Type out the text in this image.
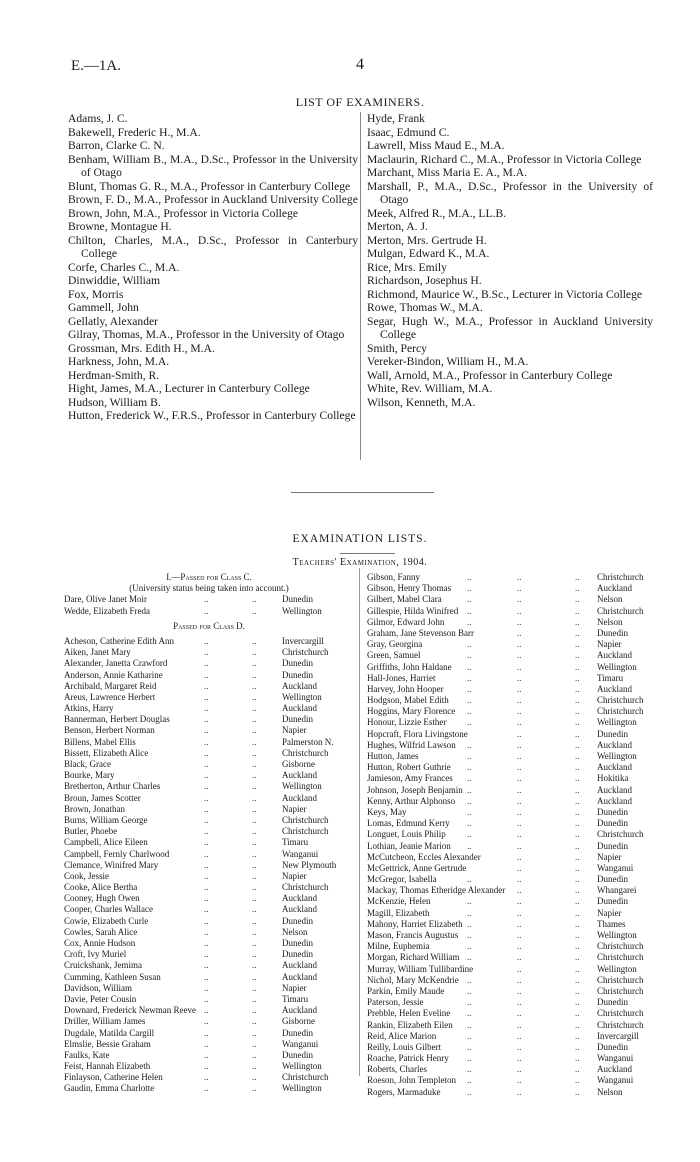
E.—1A.	4
LIST OF EXAMINERS.
Adams, J. C.
Bakewell, Frederic H., M.A.
Barron, Clarke C. N.
Benham, William B., M.A., D.Sc., Professor in the University of Otago
Blunt, Thomas G. R., M.A., Professor in Canterbury College
Brown, F. D., M.A., Professor in Auckland University College
Brown, John, M.A., Professor in Victoria College
Browne, Montague H.
Chilton, Charles, M.A., D.Sc., Professor in Canterbury College
Corfe, Charles C., M.A.
Dinwiddie, William
Fox, Morris
Gammell, John
Gellatly, Alexander
Gilray, Thomas, M.A., Professor in the University of Otago
Grossman, Mrs. Edith H., M.A.
Harkness, John, M.A.
Herdman-Smith, R.
Hight, James, M.A., Lecturer in Canterbury College
Hudson, William B.
Hutton, Frederick W., F.R.S., Professor in Canterbury College
Hyde, Frank
Isaac, Edmund C.
Lawrell, Miss Maud E., M.A.
Maclaurin, Richard C., M.A., Professor in Victoria College
Marchant, Miss Maria E. A., M.A.
Marshall, P., M.A., D.Sc., Professor in the University of Otago
Meek, Alfred R., M.A., LL.B.
Merton, A. J.
Merton, Mrs. Gertrude H.
Mulgan, Edward K., M.A.
Rice, Mrs. Emily
Richardson, Josephus H.
Richmond, Maurice W., B.Sc., Lecturer in Victoria College
Rowe, Thomas W., M.A.
Segar, Hugh W., M.A., Professor in Auckland University College
Smith, Percy
Vereker-Bindon, William H., M.A.
Wall, Arnold, M.A., Professor in Canterbury College
White, Rev. William, M.A.
Wilson, Kenneth, M.A.
EXAMINATION LISTS.
Teachers' Examination, 1904.
I.—Passed for Class C.
(University status being taken into account.)
Dare, Olive Janet Moir	..	..	Dunedin
Wedde, Elizabeth Freda	..	..	Wellington
Passed for Class D.
Acheson, Catherine Edith Ann	..	..	Invercargill
Aiken, Janet Mary	..	..	Christchurch
Alexander, Janetta Crawford	..	..	Dunedin
Anderson, Annie Katharine	..	..	Dunedin
Archibald, Margaret Reid	..	..	Auckland
Areus, Lawrence Herbert	..	..	Wellington
Atkins, Harry	..	..	Auckland
Bannerman, Herbert Douglas	..	..	Dunedin
Benson, Herbert Norman	..	..	Napier
Billens, Mabel Ellis	..	..	Palmerston N.
Bissett, Elizabeth Alice	..	..	Christchurch
Black, Grace	..	..	Gisborne
Bourke, Mary	..	..	Auckland
Bretherton, Arthur Charles	..	..	Wellington
Broun, James Scotter	..	..	Auckland
Brown, Jonathan	..	..	Napier
Burns, William George	..	..	Christchurch
Butler, Phoebe	..	..	Christchurch
Campbell, Alice Eileen	..	..	Timaru
Campbell, Fernly Charlwood	..	..	Wanganui
Clemance, Winifred Mary	..	..	New Plymouth
Cook, Jessie	..	..	Napier
Cooke, Alice Bertha	..	..	Christchurch
Cooney, Hugh Owen	..	..	Auckland
Cooper, Charles Wallace	..	..	Auckland
Cowie, Elizabeth Curle	..	..	Dunedin
Cowles, Sarah Alice	..	..	Nelson
Cox, Annie Hudson	..	..	Dunedin
Croft, Ivy Muriel	..	..	Dunedin
Cruickshank, Jemima	..	..	Auckland
Cumming, Kathleen Susan	..	..	Auckland
Davidson, William	..	..	Napier
Davie, Peter Cousin	..	..	Timaru
Downard, Frederick Newman Reeve ..	..	Auckland
Driller, William James	..	..	Gisborne
Dugdale, Matilda Cargill	..	..	Dunedin
Elmslie, Bessie Graham	..	..	Wanganui
Faulks, Kate	..	..	Dunedin
Feist, Hannah Elizabeth	..	..	Wellington
Finlayson, Catherine Helen	..	..	Christchurch
Gaudin, Emma Charlotte	..	..	Wellington
Gibson, Fanny	..	..	.. Christchurch
Gibson, Henry Thomas ..	..	.. Auckland
Gilbert, Mabel Clara	..	..	.. Nelson
Gillespie, Hilda Winifred ..	..	.. Christchurch
Gilmor, Edward John	..	..	.. Nelson
Graham, Jane Stevenson Barr	..	.. Dunedin
Gray, Georgina	..	..	.. Napier
Green, Samuel	..	..	.. Auckland
Griffiths, John Haldane ..	..	.. Wellington
Hall-Jones, Harriet	..	..	.. Timaru
Harvey, John Hooper	..	..	.. Auckland
Hodgson, Mabel Edith ..	..	.. Christchurch
Hoggins, Mary Florence ..	..	.. Christchurch
Honour, Lizzie Esther ..	..	.. Wellington
Hopcraft, Flora Livingstone	..	.. Dunedin
Hughes, Wilfrid Lawson ..	..	.. Auckland
Hutton, James	..	..	.. Wellington
Hutton, Robert Guthrie ..	..	.. Auckland
Jamieson, Amy Frances ..	..	.. Hokitika
Johnson, Joseph Benjamin ..	..	.. Auckland
Kenny, Arthur Alphonso ..	..	.. Auckland
Keys, May	..	..	.. Dunedin
Lomas, Edmund Kerry ..	..	.. Dunedin
Longuet, Louis Philip ..	..	.. Christchurch
Lothian, Jeanie Marion ..	..	.. Dunedin
McCutcheon, Eccles Alexander	..	.. Napier
McGettrick, Anne Gertrude	..	.. Wanganui
McGregor, Isabella	..	..	.. Dunedin
Mackay, Thomas Etheridge Alexander ..	.. Whangarei
McKenzie, Helen	..	..	.. Dunedin
Magill, Elizabeth	..	..	.. Napier
Mahony, Harriet Elizabeth ..	..	.. Thames
Mason, Francis Augustus ..	..	.. Wellington
Milne, Euphemia	..	..	.. Christchurch
Morgan, Richard William ..	..	.. Christchurch
Murray, William Tullibardine	..	.. Wellington
Nichol, Mary McKendrie ..	..	.. Christchurch
Parkin, Emily Maude	..	..	.. Christchurch
Paterson, Jessie	..	..	.. Dunedin
Prebble, Helen Eveline ..	..	.. Christchurch
Rankin, Elizabeth Eilen ..	..	.. Christchurch
Reid, Alice Marion	..	..	.. Invercargill
Reilly, Louis Gilbert	..	..	.. Dunedin
Roache, Patrick Henry ..	..	.. Wanganui
Roberts, Charles	..	..	.. Auckland
Roeson, John Templeton ..	..	.. Wanganui
Rogers, Marmaduke	..	..	.. Nelson
